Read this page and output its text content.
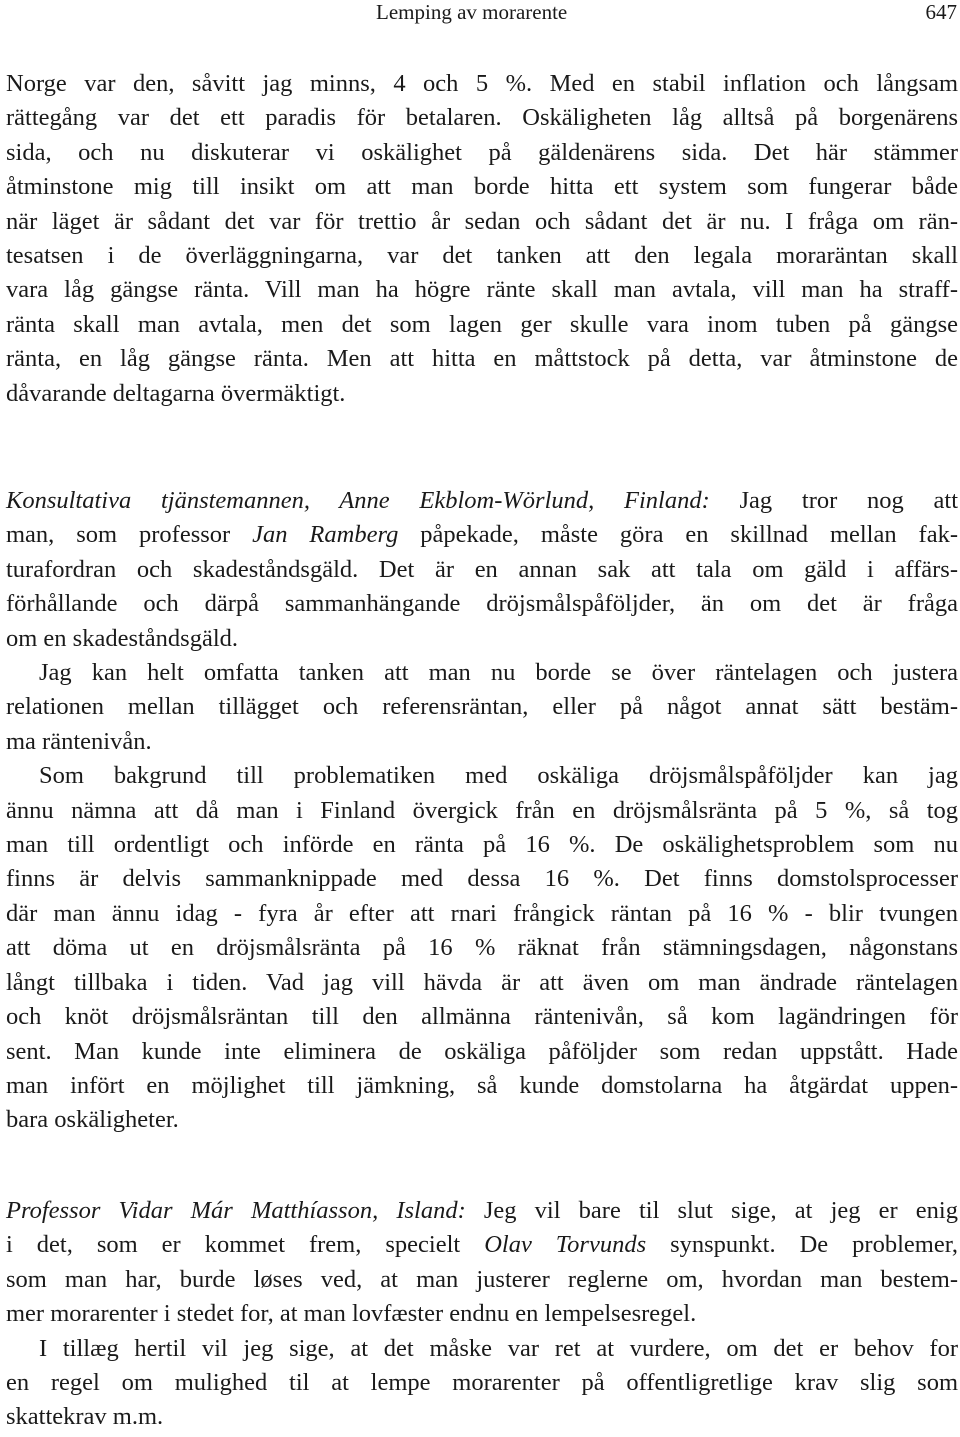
Lemping av morarente	647
Norge var den, såvitt jag minns, 4 och 5 %. Med en stabil inflation och långsam
rättegång var det ett paradis för betalaren. Oskäligheten låg alltså på borgenärens
sida, och nu diskuterar vi oskälighet på gäldenärens sida. Det här stämmer
åtminstone mig till insikt om att man borde hitta ett system som fungerar både
när läget är sådant det var för trettio år sedan och sådant det är nu. I fråga om rän-
tesatsen i de överläggningarna, var det tanken att den legala moraräntan skall
vara låg gängse ränta. Vill man ha högre ränte skall man avtala, vill man ha straff-
ränta skall man avtala, men det som lagen ger skulle vara inom tuben på gängse
ränta, en låg gängse ränta. Men att hitta en måttstock på detta, var åtminstone de
dåvarande deltagarna övermäktigt.
Konsultativa tjänstemannen, Anne Ekblom-Wörlund, Finland: Jag tror nog att
man, som professor Jan Ramberg påpekade, måste göra en skillnad mellan fak-
turafordran och skadeståndsgäld. Det är en annan sak att tala om gäld i affärs-
förhållande och därpå sammanhängande dröjsmålspåföljder, än om det är fråga
om en skadeståndsgäld.
Jag kan helt omfatta tanken att man nu borde se över räntelagen och justera
relationen mellan tillägget och referensräntan, eller på något annat sätt bestäm-
ma räntenivån.
Som bakgrund till problematiken med oskäliga dröjsmålspåföljder kan jag
ännu nämna att då man i Finland övergick från en dröjsmålsränta på 5 %, så tog
man till ordentligt och införde en ränta på 16 %. De oskälighetsproblem som nu
finns är delvis sammanknippade med dessa 16 %. Det finns domstolsprocesser
där man ännu idag - fyra år efter att rnari frångick räntan på 16 % - blir tvungen
att döma ut en dröjsmålsränta på 16 % räknat från stämningsdagen, någonstans
långt tillbaka i tiden. Vad jag vill hävda är att även om man ändrade räntelagen
och knöt dröjsmålsräntan till den allmänna räntenivån, så kom lagändringen för
sent. Man kunde inte eliminera de oskäliga påföljder som redan uppstått. Hade
man infört en möjlighet till jämkning, så kunde domstolarna ha åtgärdat uppen-
bara oskäligheter.
Professor Vidar Már Matthíasson, Island: Jeg vil bare til slut sige, at jeg er enig
i det, som er kommet frem, specielt Olav Torvunds synspunkt. De problemer,
som man har, burde løses ved, at man justerer reglerne om, hvordan man bestem-
mer morarenter i stedet for, at man lovfæster endnu en lempelsesregel.
I tillæg hertil vil jeg sige, at det måske var ret at vurdere, om det er behov for
en regel om mulighed til at lempe morarenter på offentligretlige krav slig som
skattekrav m.m.
